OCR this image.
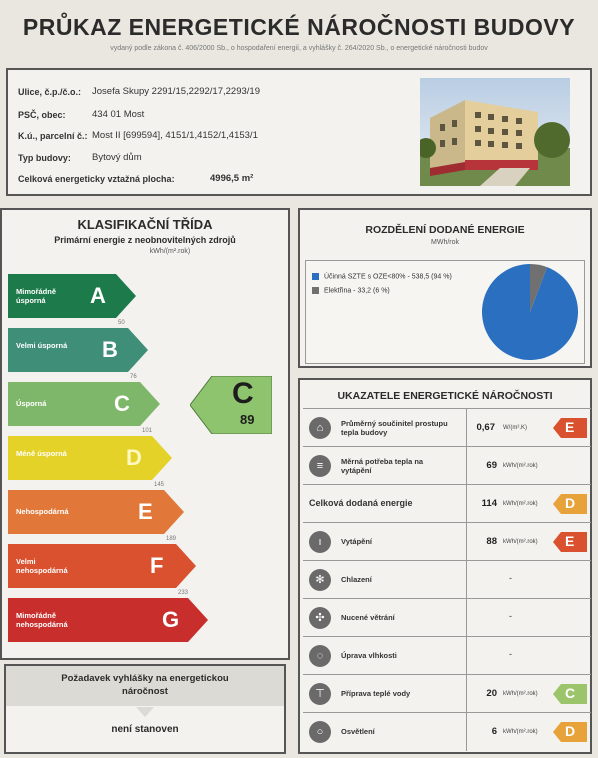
PRŮKAZ ENERGETICKÉ NÁROČNOSTI BUDOVY
vydaný podle zákona č. 406/2000 Sb., o hospodaření energií, a vyhlášky č. 264/2020 Sb., o energetické náročnosti budov
Ulice, č.p./č.o.: Josefa Skupy 2291/15,2292/17,2293/19
PSČ, obec:	434 01 Most
K.ú., parcelní č.: Most II [699594], 4151/1,4152/1,4153/1
Typ budovy: Bytový dům
Celková energeticky vztažná plocha:	4996,5 m²
KLASIFIKAČNÍ TŘÍDA
Primární energie z neobnovitelných zdrojů
kWh/(m².rok)
Mimořádně úsporná	A
Velmi úsporná	B
Úsporná	C
Méně úsporná	D
Nehospodárná	E
Velmi nehospodárná	F
Mimořádně nehospodárná	G
50
76
101
145
189
233
C
89
Požadavek vyhlášky na energetickou náročnost
není stanoven
ROZDĚLENÍ DODANÉ ENERGIE
MWh/rok
Účinná SZTE s OZE<80% - 538,5 (94 %)
Elektřina - 33,2 (6 %)
UKAZATELE ENERGETICKÉ NÁROČNOSTI
⌂	Průměrný součinitel prostupu tepla budovy	0,67 W/(m².K)	E
≡	Měrná potřeba tepla na vytápění	69 kWh/(m².rok)
Celková dodaná energie	114 kWh/(m².rok) D
ı	Vytápění	88 kWh/(m².rok) E
✻	Chlazení	-
✣	Nucené větrání	-
◌	Úprava vlhkosti	-
⊤	Příprava teplé vody	20 kWh/(m².rok) C
○	Osvětlení	6 kWh/(m².rok) D
